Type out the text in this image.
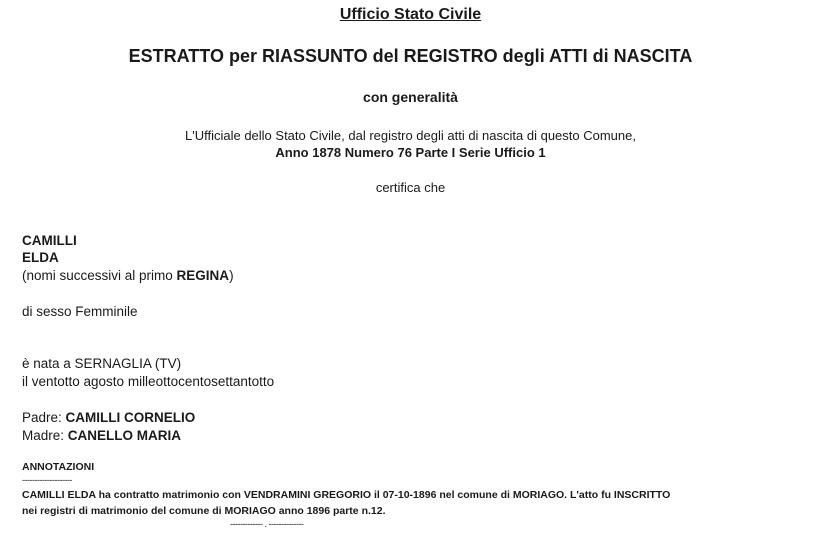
Ufficio Stato Civile
ESTRATTO per RIASSUNTO del REGISTRO degli ATTI di NASCITA
con generalità
L'Ufficiale dello Stato Civile, dal registro degli atti di nascita di questo Comune,
Anno 1878 Numero 76 Parte I Serie Ufficio 1
certifica che
CAMILLI
ELDA
(nomi successivi al primo REGINA)
di sesso Femminile
è nata a SERNAGLIA (TV)
il ventotto agosto milleottocentosettantotto
Padre: CAMILLI CORNELIO
Madre: CANELLO MARIA
ANNOTAZIONI
--------------------
CAMILLI ELDA ha contratto matrimonio con VENDRAMINI GREGORIO il 07-10-1896 nel comune di MORIAGO. L'atto fu INSCRITTO
nei registri di matrimonio del comune di MORIAGO anno 1896 parte n.12.
------------- . --------------
